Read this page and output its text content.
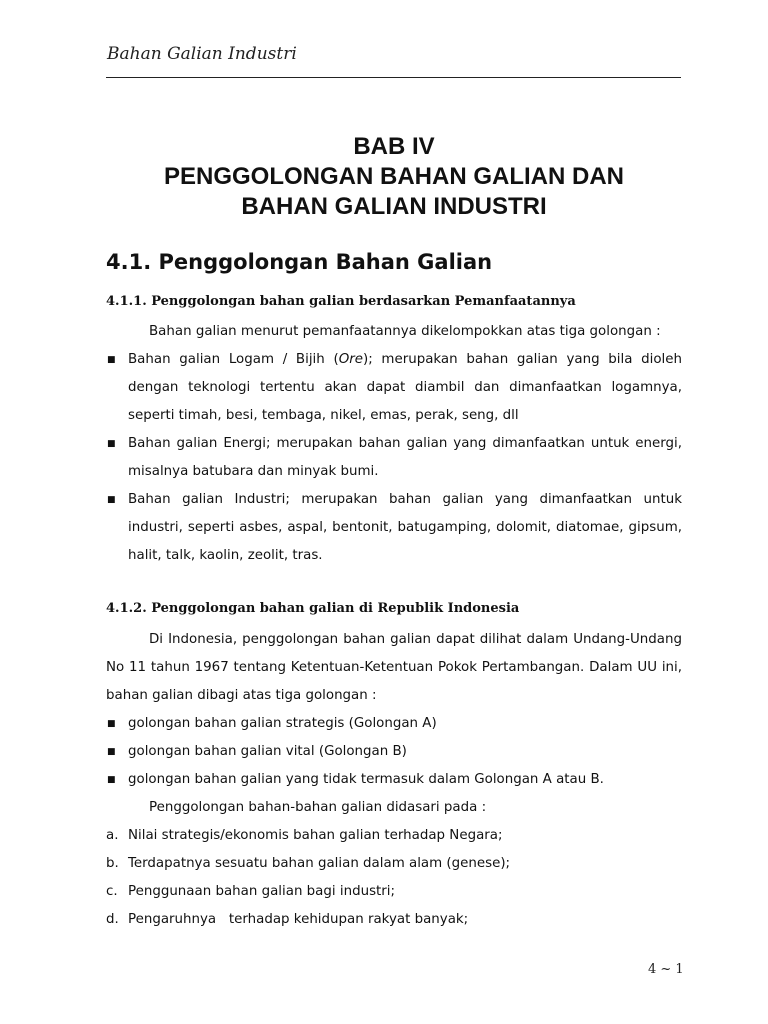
Bahan Galian Industri
BAB IV
PENGGOLONGAN BAHAN GALIAN DAN
BAHAN GALIAN INDUSTRI
4.1. Penggolongan Bahan Galian
4.1.1. Penggolongan bahan galian berdasarkan Pemanfaatannya
Bahan galian menurut pemanfaatannya dikelompokkan atas tiga golongan :
■ Bahan galian Logam / Bijih (Ore); merupakan bahan galian yang bila dioleh dengan teknologi tertentu akan dapat diambil dan dimanfaatkan logamnya, seperti timah, besi, tembaga, nikel, emas, perak, seng, dll
■ Bahan galian Energi; merupakan bahan galian yang dimanfaatkan untuk energi, misalnya batubara dan minyak bumi.
■ Bahan galian Industri; merupakan bahan galian yang dimanfaatkan untuk industri, seperti asbes, aspal, bentonit, batugamping, dolomit, diatomae, gipsum, halit, talk, kaolin, zeolit, tras.
4.1.2. Penggolongan bahan galian di Republik Indonesia
Di Indonesia, penggolongan bahan galian dapat dilihat dalam Undang-Undang No 11 tahun 1967 tentang Ketentuan-Ketentuan Pokok Pertambangan. Dalam UU ini, bahan galian dibagi atas tiga golongan :
■ golongan bahan galian strategis (Golongan A)
■ golongan bahan galian vital (Golongan B)
■ golongan bahan galian yang tidak termasuk dalam Golongan A atau B.
Penggolongan bahan-bahan galian didasari pada :
a. Nilai strategis/ekonomis bahan galian terhadap Negara;
b. Terdapatnya sesuatu bahan galian dalam alam (genese);
c. Penggunaan bahan galian bagi industri;
d. Pengaruhnya   terhadap kehidupan rakyat banyak;
4 ~ 1
